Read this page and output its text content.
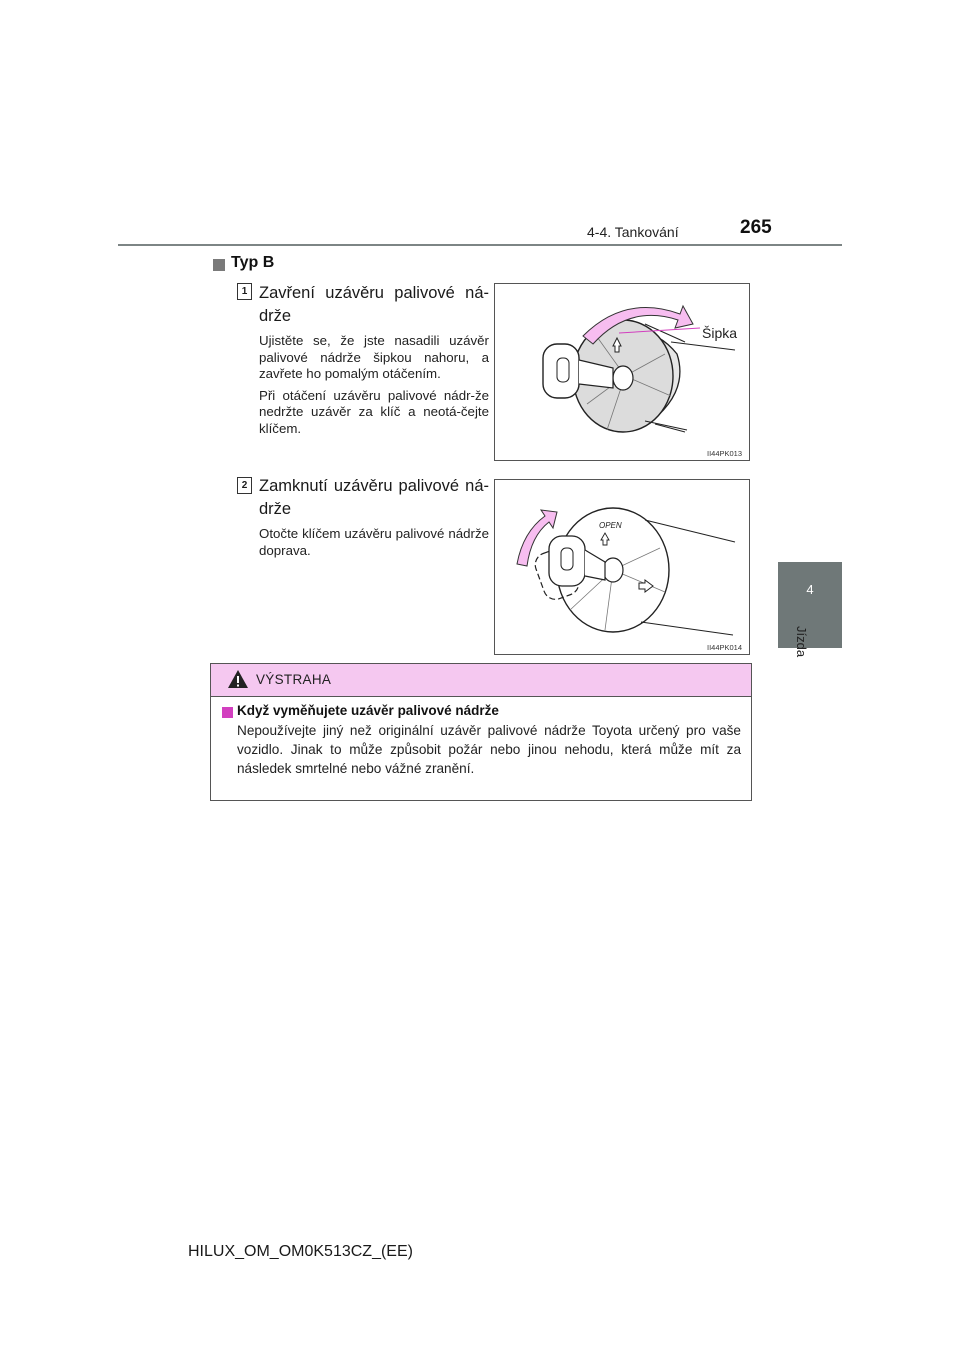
4-4. Tankování	265
4
Jízda
Typ B
1 Zavření uzávěru palivové ná-
drže

Ujistěte se, že jste nasadili uzávěr palivové nádrže šipkou nahoru, a zavřete ho pomalým otáčením.

Při otáčení uzávěru palivové nádr-že nedržte uzávěr za klíč a neotá-čejte klíčem.

Šipka
II44PK013
2 Zamknutí uzávěru palivové ná-
drže

Otočte klíčem uzávěru palivové nádrže doprava.

OPEN
II44PK014
VÝSTRAHA
Když vyměňujete uzávěr palivové nádrže
Nepoužívejte jiný než originální uzávěr palivové nádrže Toyota určený pro vaše vozidlo. Jinak to může způsobit požár nebo jinou nehodu, která může mít za následek smrtelné nebo vážné zranění.
HILUX_OM_OM0K513CZ_(EE)
